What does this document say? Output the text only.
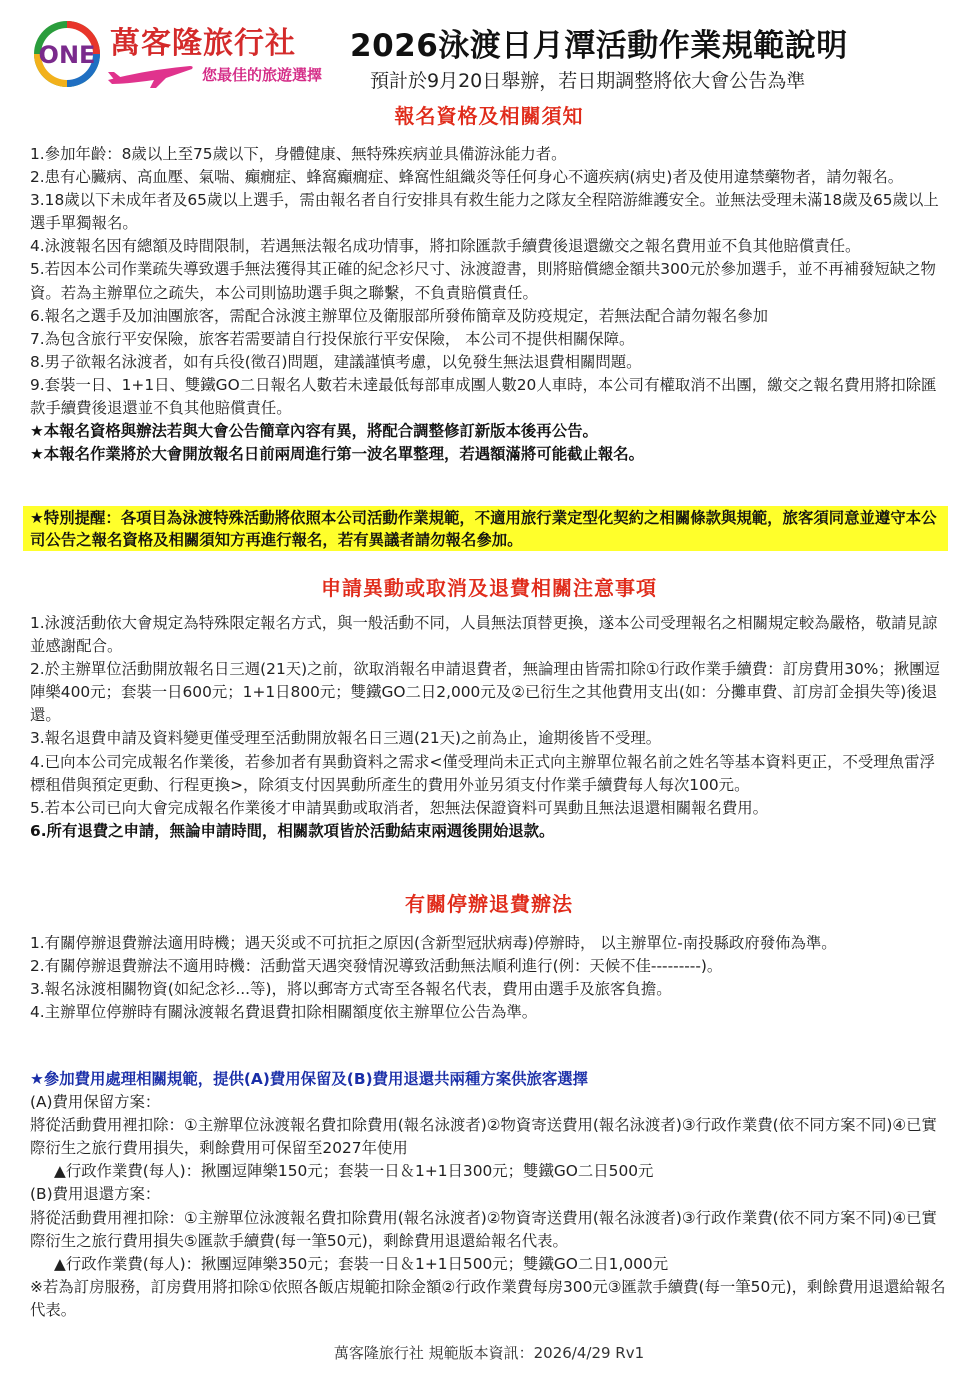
ONE 萬客隆旅行社
您最佳的旅遊選擇
2026泳渡日月潭活動作業規範說明
預計於9月20日舉辦，若日期調整將依大會公告為準
報名資格及相關須知

1.參加年齡：8歲以上至75歲以下，身體健康、無特殊疾病並具備游泳能力者。

2.患有心臟病、高血壓、氣喘、癲癇症、蜂窩癲癇症、蜂窩性組織炎等任何身心不適疾病(病史)者及使用違禁藥物者，請勿報名。

3.18歲以下未成年者及65歲以上選手，需由報名者自行安排具有救生能力之隊友全程陪游維護安全。並無法受理未滿18歲及65歲以上選手單獨報名。

4.泳渡報名因有總額及時間限制，若遇無法報名成功情事，將扣除匯款手續費後退還繳交之報名費用並不負其他賠償責任。

5.若因本公司作業疏失導致選手無法獲得其正確的紀念衫尺寸、泳渡證書，則將賠償總金額共300元於參加選手，並不再補發短缺之物資。若為主辦單位之疏失，本公司則協助選手與之聯繫，不負責賠償責任。

6.報名之選手及加油團旅客，需配合泳渡主辦單位及衛服部所發佈簡章及防疫規定，若無法配合請勿報名參加

7.為包含旅行平安保險，旅客若需要請自行投保旅行平安保險， 本公司不提供相關保障。

8.男子欲報名泳渡者，如有兵役(徵召)問題，建議謹慎考慮，以免發生無法退費相關問題。

9.套裝一日、1+1日、雙鐵GO二日報名人數若未達最低每部車成團人數20人車時，本公司有權取消不出團，繳交之報名費用將扣除匯款手續費後退還並不負其他賠償責任。

★本報名資格與辦法若與大會公告簡章內容有異，將配合調整修訂新版本後再公告。

★本報名作業將於大會開放報名日前兩周進行第一波名單整理，若遇額滿將可能截止報名。

★特別提醒：各項目為泳渡特殊活動將依照本公司活動作業規範，不適用旅行業定型化契約之相關條款與規範，旅客須同意並遵守本公司公告之報名資格及相關須知方再進行報名，若有異議者請勿報名參加。
申請異動或取消及退費相關注意事項

1.泳渡活動依大會規定為特殊限定報名方式，與一般活動不同，人員無法頂替更換，遂本公司受理報名之相關規定較為嚴格，敬請見諒並感謝配合。

2.於主辦單位活動開放報名日三週(21天)之前，欲取消報名申請退費者，無論理由皆需扣除①行政作業手續費：訂房費用30%；揪團逗陣樂400元；套裝一日600元；1+1日800元；雙鐵GO二日2,000元及②已衍生之其他費用支出(如：分攤車費、訂房訂金損失等)後退還。

3.報名退費申請及資料變更僅受理至活動開放報名日三週(21天)之前為止，逾期後皆不受理。

4.已向本公司完成報名作業後，若參加者有異動資料之需求<僅受理尚未正式向主辦單位報名前之姓名等基本資料更正，不受理魚雷浮標租借與預定更動、行程更換>，除須支付因異動所產生的費用外並另須支付作業手續費每人每次100元。

5.若本公司已向大會完成報名作業後才申請異動或取消者，恕無法保證資料可異動且無法退還相關報名費用。

6.所有退費之申請，無論申請時間，相關款項皆於活動結束兩週後開始退款。

有關停辦退費辦法

1.有關停辦退費辦法適用時機；遇天災或不可抗拒之原因(含新型冠狀病毒)停辦時， 以主辦單位-南投縣政府發佈為準。

2.有關停辦退費辦法不適用時機：活動當天遇突發情況導致活動無法順利進行(例：天候不佳---------)。

3.報名泳渡相關物資(如紀念衫...等)，將以郵寄方式寄至各報名代表，費用由選手及旅客負擔。

4.主辦單位停辦時有關泳渡報名費退費扣除相關額度依主辦單位公告為準。

★參加費用處理相關規範，提供(A)費用保留及(B)費用退還共兩種方案供旅客選擇

(A)費用保留方案：

將從活動費用裡扣除：①主辦單位泳渡報名費扣除費用(報名泳渡者)②物資寄送費用(報名泳渡者)③行政作業費(依不同方案不同)④已實際衍生之旅行費用損失，剩餘費用可保留至2027年使用

▲行政作業費(每人)：揪團逗陣樂150元；套裝一日＆1+1日300元；雙鐵GO二日500元

(B)費用退還方案：

將從活動費用裡扣除：①主辦單位泳渡報名費扣除費用(報名泳渡者)②物資寄送費用(報名泳渡者)③行政作業費(依不同方案不同)④已實際衍生之旅行費用損失⑤匯款手續費(每一筆50元)，剩餘費用退還給報名代表。

▲行政作業費(每人)：揪團逗陣樂350元；套裝一日＆1+1日500元；雙鐵GO二日1,000元

※若為訂房服務，訂房費用將扣除①依照各飯店規範扣除金額②行政作業費每房300元③匯款手續費(每一筆50元)，剩餘費用退還給報名代表。

萬客隆旅行社 規範版本資訊：2026/4/29 Rv1
